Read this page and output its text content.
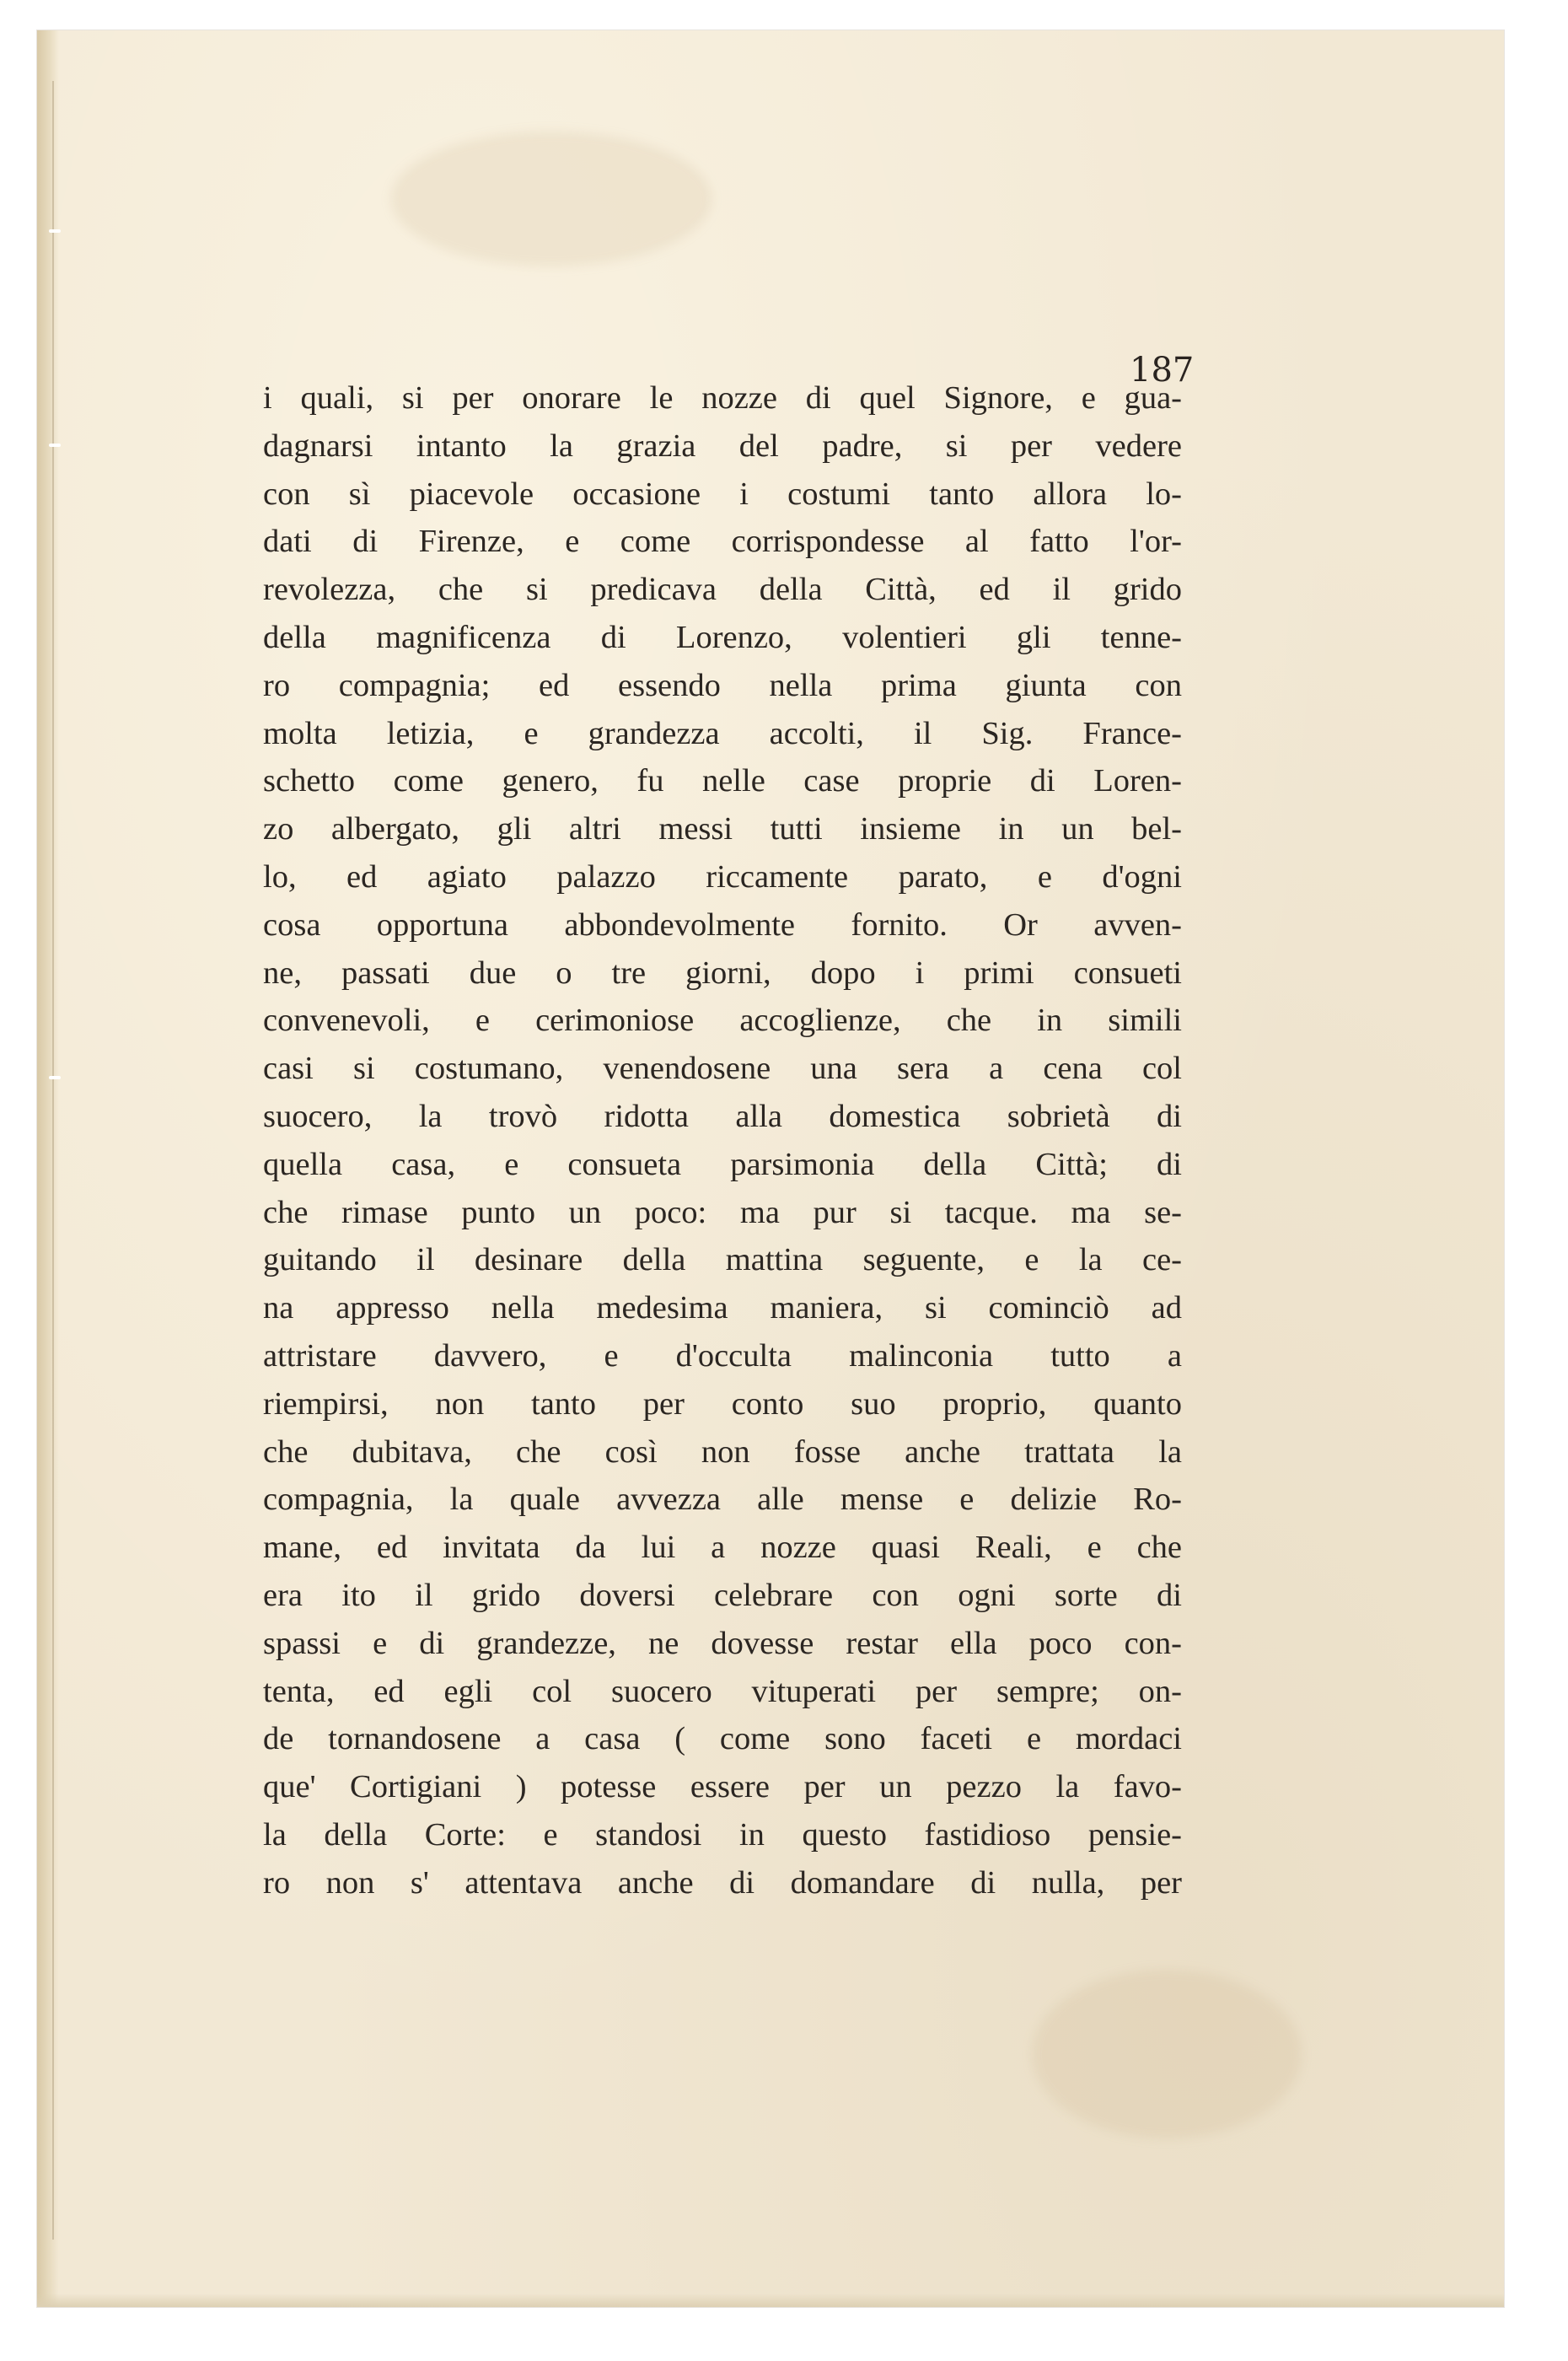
187

i quali, si per onorare le nozze di quel Signore, e gua-
dagnarsi intanto la grazia del padre, si per vedere
con sì piacevole occasione i costumi tanto allora lo-
dati di Firenze, e come corrispondesse al fatto l'or-
revolezza, che si predicava della Città, ed il grido
della magnificenza di Lorenzo, volentieri gli tenne-
ro compagnia; ed essendo nella prima giunta con
molta letizia, e grandezza accolti, il Sig. France-
schetto come genero, fu nelle case proprie di Loren-
zo albergato, gli altri messi tutti insieme in un bel-
lo, ed agiato palazzo riccamente parato, e d'ogni
cosa opportuna abbondevolmente fornito. Or avven-
ne, passati due o tre giorni, dopo i primi consueti
convenevoli, e cerimoniose accoglienze, che in simili
casi si costumano, venendosene una sera a cena col
suocero, la trovò ridotta alla domestica sobrietà di
quella casa, e consueta parsimonia della Città; di
che rimase punto un poco: ma pur si tacque. ma se-
guitando il desinare della mattina seguente, e la ce-
na appresso nella medesima maniera, si cominciò ad
attristare davvero, e d'occulta malinconia tutto a
riempirsi, non tanto per conto suo proprio, quanto
che dubitava, che così non fosse anche trattata la
compagnia, la quale avvezza alle mense e delizie Ro-
mane, ed invitata da lui a nozze quasi Reali, e che
era ito il grido doversi celebrare con ogni sorte di
spassi e di grandezze, ne dovesse restar ella poco con-
tenta, ed egli col suocero vituperati per sempre; on-
de tornandosene a casa ( come sono faceti e mordaci
que' Cortigiani ) potesse essere per un pezzo la favo-
la della Corte: e standosi in questo fastidioso pensie-
ro non s' attentava anche di domandare di nulla, per
